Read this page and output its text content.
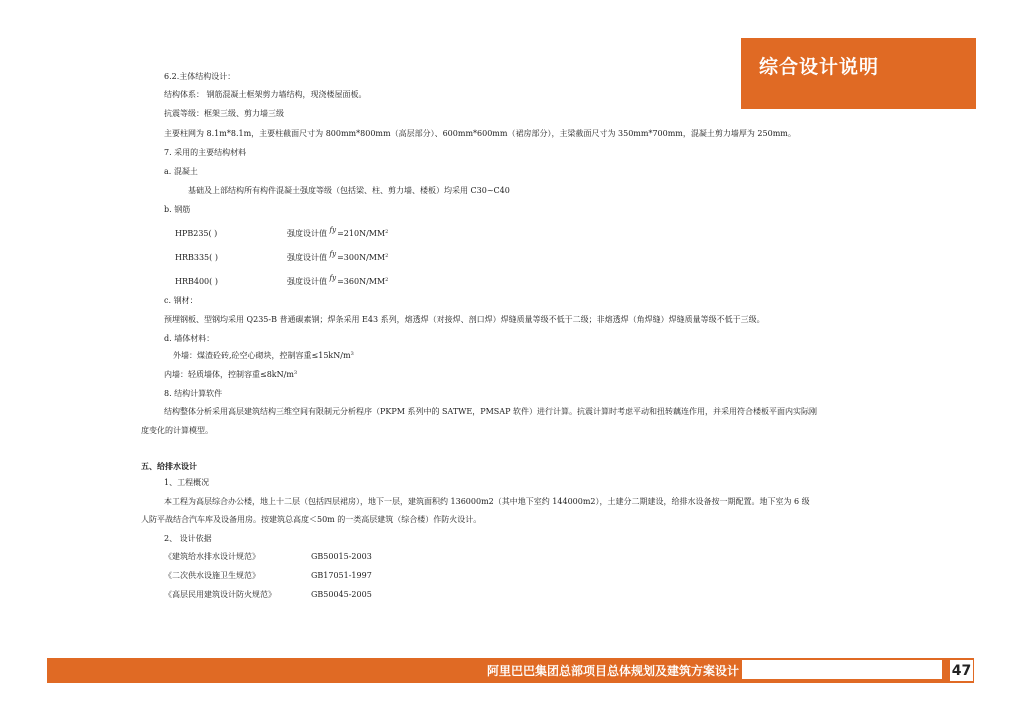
综合设计说明
6.2.主体结构设计：
结构体系： 钢筋混凝土框架剪力墙结构，现浇楼屋面板。
抗震等级：框架三级、剪力墙三级
主要柱网为 8.1m*8.1m，主要柱截面尺寸为 800mm*800mm（高层部分）、600mm*600mm（裙房部分），主梁截面尺寸为 350mm*700mm，混凝土剪力墙厚为 250mm。
7. 采用的主要结构材料
a. 混凝土
基础及上部结构所有构件混凝土强度等级（包括梁、柱、剪力墙、楼板）均采用 C30~C40
b. 钢筋
HPB235( )	强度设计值 $fy=210N/MM^2$
HRB335( )	强度设计值 $fy=300N/MM^2$
HRB400( )	强度设计值 $fy=360N/MM^2$
c. 钢材：
预埋钢板、型钢均采用 Q235-B 普通碳素钢；焊条采用 E43 系列，熔透焊（对接焊、剖口焊）焊缝质量等级不低于二级；非熔透焊（角焊缝）焊缝质量等级不低于三级。
d. 墙体材料：
外墙：煤渣砼砖,砼空心砌块，控制容重$\le 15kN/m^3$
内墙：轻质墙体，控制容重$\le 8kN/m^3$
8. 结构计算软件
结构整体分析采用高层建筑结构三维空间有限制元分析程序（PKPM 系列中的 SATWE，PMSAP 软件）进行计算。抗震计算时考虑平动和扭转藕连作用，并采用符合楼板平面内实际刚
度变化的计算模型。
五、给排水设计
1、工程概况
本工程为高层综合办公楼，地上十二层（包括四层裙房），地下一层，建筑面积约 136000m2（其中地下室约 144000m2），土建分二期建设，给排水设备按一期配置。地下室为 6 级
人防平战结合汽车库及设备用房。按建筑总高度＜50m 的一类高层建筑（综合楼）作防火设计。
2、 设计依据
《建筑给水排水设计规范》	GB50015-2003
《二次供水设施卫生规范》	GB17051-1997
《高层民用建筑设计防火规范》	GB50045-2005
阿里巴巴集团总部项目总体规划及建筑方案设计	47
